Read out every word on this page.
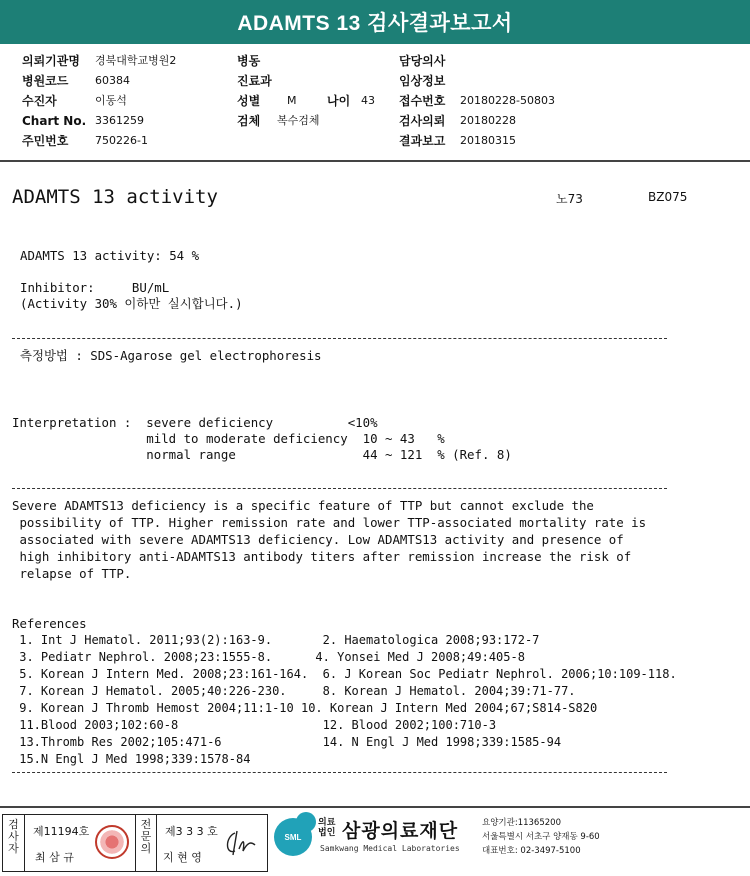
ADAMTS 13 검사결과보고서
의뢰기관명 경북대학교병원2	병동	담당의사
병원코드 60384	진료과	임상정보
수진자	이동석	성별 M	나이 43 접수번호 20180228-50803
Chart No. 3361259	검체 복수검체	검사의뢰 20180228
주민번호 750226-1	결과보고 20180315
ADAMTS 13 activity	노73	BZ075
ADAMTS 13 activity: 54 %
Inhibitor:     BU/mL
(Activity 30% 이하만 실시합니다.)
측정방법 : SDS-Agarose gel electrophoresis
Interpretation :  severe deficiency          <10%
mild to moderate deficiency  10 ~ 43   %
normal range                 44 ~ 121  % (Ref. 8)
Severe ADAMTS13 deficiency is a specific feature of TTP but cannot exclude the
possibility of TTP. Higher remission rate and lower TTP-associated mortality rate is
associated with severe ADAMTS13 deficiency. Low ADAMTS13 activity and presence of
high inhibitory anti-ADAMTS13 antibody titers after remission increase the risk of
relapse of TTP.
References
1. Int J Hematol. 2011;93(2):163-9.       2. Haematologica 2008;93:172-7
3. Pediatr Nephrol. 2008;23:1555-8.      4. Yonsei Med J 2008;49:405-8
5. Korean J Intern Med. 2008;23:161-164.  6. J Korean Soc Pediatr Nephrol. 2006;10:109-118.
7. Korean J Hematol. 2005;40:226-230.     8. Korean J Hematol. 2004;39:71-77.
9. Korean J Thromb Hemost 2004;11:1-10 10. Korean J Intern Med 2004;67;S814-S820
11.Blood 2003;102:60-8                    12. Blood 2002;100:710-3
13.Thromb Res 2002;105:471-6              14. N Engl J Med 1998;339:1585-94
15.N Engl J Med 1998;339:1578-84
검
사
자
제11194호
최 삼 규
전
문
의
제3 3 3 호
지 현 영
SML
의료
법인 삼광의료재단
Samkwang Medical Laboratories
요양기관:11365200
서울특별시 서초구 양재동 9-60
대표번호: 02-3497-5100
